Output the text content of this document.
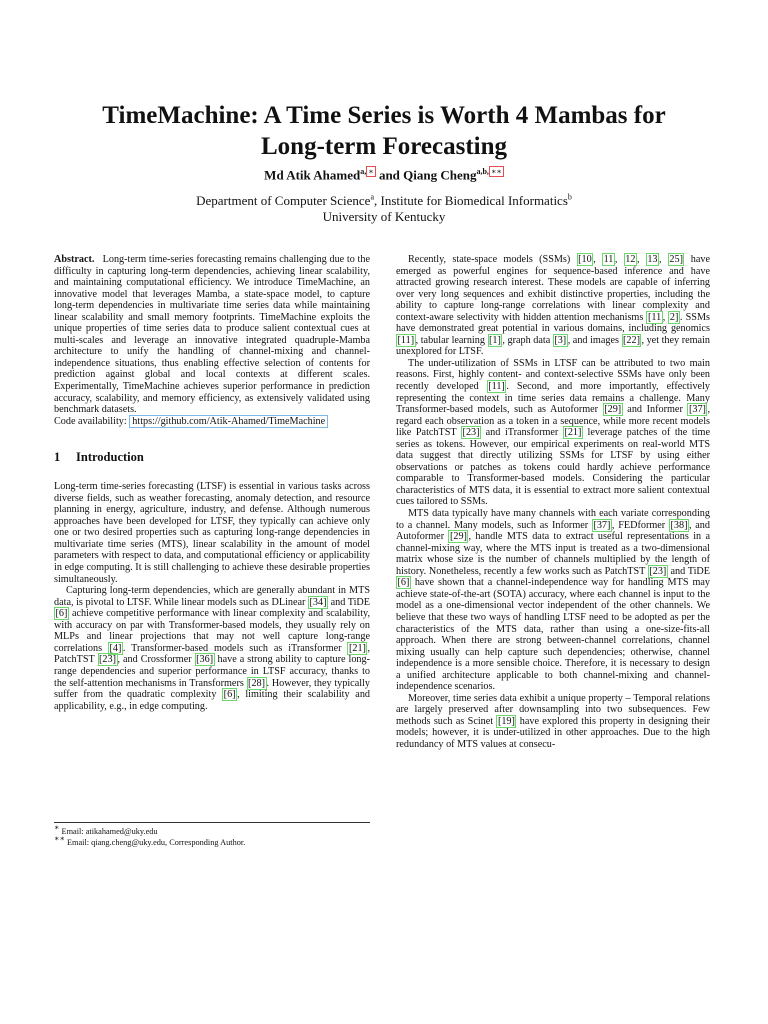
TimeMachine: A Time Series is Worth 4 Mambas for
Long-term Forecasting
Md Atik Ahamed$^{a,}$ ∗ and Qiang Cheng$^{a,b,}$ ∗∗
Department of Computer Science$^a$, Institute for Biomedical Informatics$^b$
University of Kentucky

Abstract. Long-term time-series forecasting remains challenging due to the difficulty in capturing long-term dependencies, achieving linear scalability, and maintaining computational efficiency. We introduce TimeMachine, an innovative model that leverages Mamba, a state-space model, to capture long-term dependencies in multivariate time series data while maintaining linear scalability and small memory footprints. TimeMachine exploits the unique properties of time series data to produce salient contextual cues at multi-scales and leverage an innovative integrated quadruple-Mamba architecture to unify the handling of channel-mixing and channel-independence situations, thus enabling effective selection of contents for prediction against global and local contexts at different scales. Experimentally, TimeMachine achieves superior performance in prediction accuracy, scalability, and memory efficiency, as extensively validated using benchmark datasets.

Code availability: https://github.com/Atik-Ahamed/TimeMachine

1 Introduction

Long-term time-series forecasting (LTSF) is essential in various tasks across diverse fields, such as weather forecasting, anomaly detection, and resource planning in energy, agriculture, industry, and defense. Although numerous approaches have been developed for LTSF, they typically can achieve only one or two desired properties such as capturing long-range dependencies in multivariate time series (MTS), linear scalability in the amount of model parameters with respect to data, and computational efficiency or applicability in edge computing. It is still challenging to achieve these desirable properties simultaneously.

Capturing long-term dependencies, which are generally abundant in MTS data, is pivotal to LTSF. While linear models such as DLinear [34] and TiDE [6] achieve competitive performance with linear complexity and scalability, with accuracy on par with Transformer-based models, they usually rely on MLPs and linear projections that may not well capture long-range correlations [4] . Transformer-based models such as iTransformer [21] , PatchTST [23] , and Crossformer [36] have a strong ability to capture long-range dependencies and superior performance in LTSF accuracy, thanks to the self-attention mechanisms in Transformers [28] . However, they typically suffer from the quadratic complexity [6] , limiting their scalability and applicability, e.g., in edge computing.

Recently, state-space models (SSMs) [10 , 11 , 12 , 13 , 25] have emerged as powerful engines for sequence-based inference and have attracted growing research interest. These models are capable of inferring over very long sequences and exhibit distinctive properties, including the ability to capture long-range correlations with linear complexity and context-aware selectivity with hidden attention mechanisms [11 , 2] . SSMs have demonstrated great potential in various domains, including genomics [11] , tabular learning [1] , graph data [3] , and images [22] , yet they remain unexplored for LTSF.

The under-utilization of SSMs in LTSF can be attributed to two main reasons. First, highly content- and context-selective SSMs have only been recently developed [11] . Second, and more importantly, effectively representing the context in time series data remains a challenge. Many Transformer-based models, such as Autoformer [29] and Informer [37] , regard each observation as a token in a sequence, while more recent models like PatchTST [23] and iTransformer [21] leverage patches of the time series as tokens. However, our empirical experiments on real-world MTS data suggest that directly utilizing SSMs for LTSF by using either observations or patches as tokens could hardly achieve performance comparable to Transformer-based models. Considering the particular characteristics of MTS data, it is essential to extract more salient contextual cues tailored to SSMs.

MTS data typically have many channels with each variate corresponding to a channel. Many models, such as Informer [37] , FEDformer [38] , and Autoformer [29] , handle MTS data to extract useful representations in a channel-mixing way, where the MTS input is treated as a two-dimensional matrix whose size is the number of channels multiplied by the length of history. Nonetheless, recently a few works such as PatchTST [23] and TiDE [6] have shown that a channel-independence way for handling MTS may achieve state-of-the-art (SOTA) accuracy, where each channel is input to the model as a one-dimensional vector independent of the other channels. We believe that these two ways of handling LTSF need to be adopted as per the characteristics of the MTS data, rather than using a one-size-fits-all approach. When there are strong between-channel correlations, channel mixing usually can help capture such dependencies; otherwise, channel independence is a more sensible choice. Therefore, it is necessary to design a unified architecture applicable to both channel-mixing and channel-independence scenarios.

Moreover, time series data exhibit a unique property – Temporal relations are largely preserved after downsampling into two subsequences. Few methods such as Scinet [19] have explored this property in designing their models; however, it is under-utilized in other approaches. Due to the high redundancy of MTS values at consecu-

∗ Email: atikahamed@uky.edu
∗∗ Email: qiang.cheng@uky.edu, Corresponding Author.
